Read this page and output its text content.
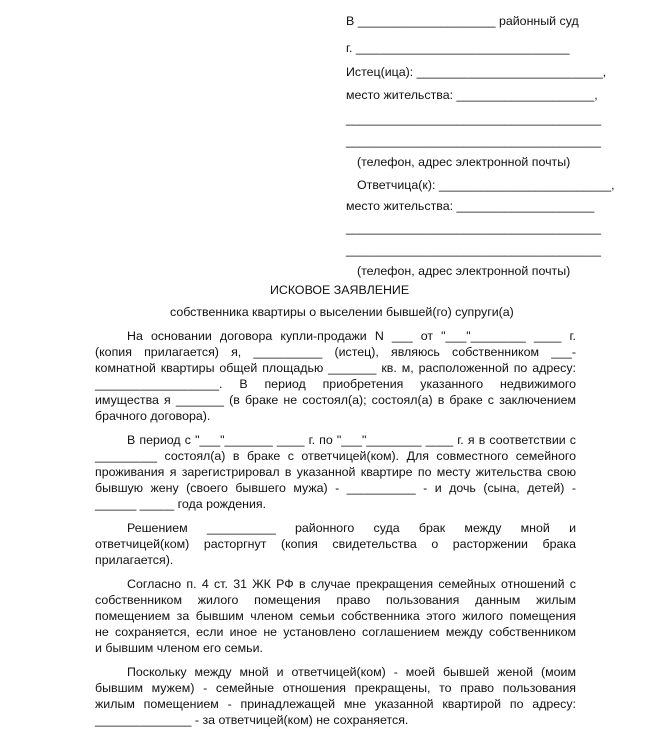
В ____________________ районный суд
г. _______________________________
Истец(ица): ___________________________,
место жительства: ____________________,
_____________________________________
_____________________________________
(телефон, адрес электронной почты)
Ответчица(к): _________________________,
место жительства: ____________________
_____________________________________
_____________________________________
(телефон, адрес электронной почты)
ИСКОВОЕ ЗАЯВЛЕНИЕ
собственника квартиры о выселении бывшей(го) супруги(а)
На основании договора купли-продажи N ___ от "___"________ ____ г.
(копия прилагается) я, __________ (истец), являюсь собственником ___-
комнатной квартиры общей площадью _______ кв. м, расположенной по адресу:
__________________. В период приобретения указанного недвижимого
имущества я _______ (в браке не состоял(а); состоял(а) в браке с заключением
брачного договора).
В период с "___"_______ ____ г. по "___"________ ____ г. я в соответствии с
_________ состоял(а) в браке с ответчицей(ком). Для совместного семейного
проживания я зарегистрировал в указанной квартире по месту жительства свою
бывшую жену (своего бывшего мужа) - __________ - и дочь (сына, детей) -
______ _____ года рождения.
Решением __________ районного суда брак между мной и
ответчицей(ком) расторгнут (копия свидетельства о расторжении брака
прилагается).
Согласно п. 4 ст. 31 ЖК РФ в случае прекращения семейных отношений с
собственником жилого помещения право пользования данным жилым
помещением за бывшим членом семьи собственника этого жилого помещения
не сохраняется, если иное не установлено соглашением между собственником
и бывшим членом его семьи.
Поскольку между мной и ответчицей(ком) - моей бывшей женой (моим
бывшим мужем) - семейные отношения прекращены, то право пользования
жилым помещением - принадлежащей мне указанной квартирой по адресу:
______________ - за ответчицей(ком) не сохраняется.
